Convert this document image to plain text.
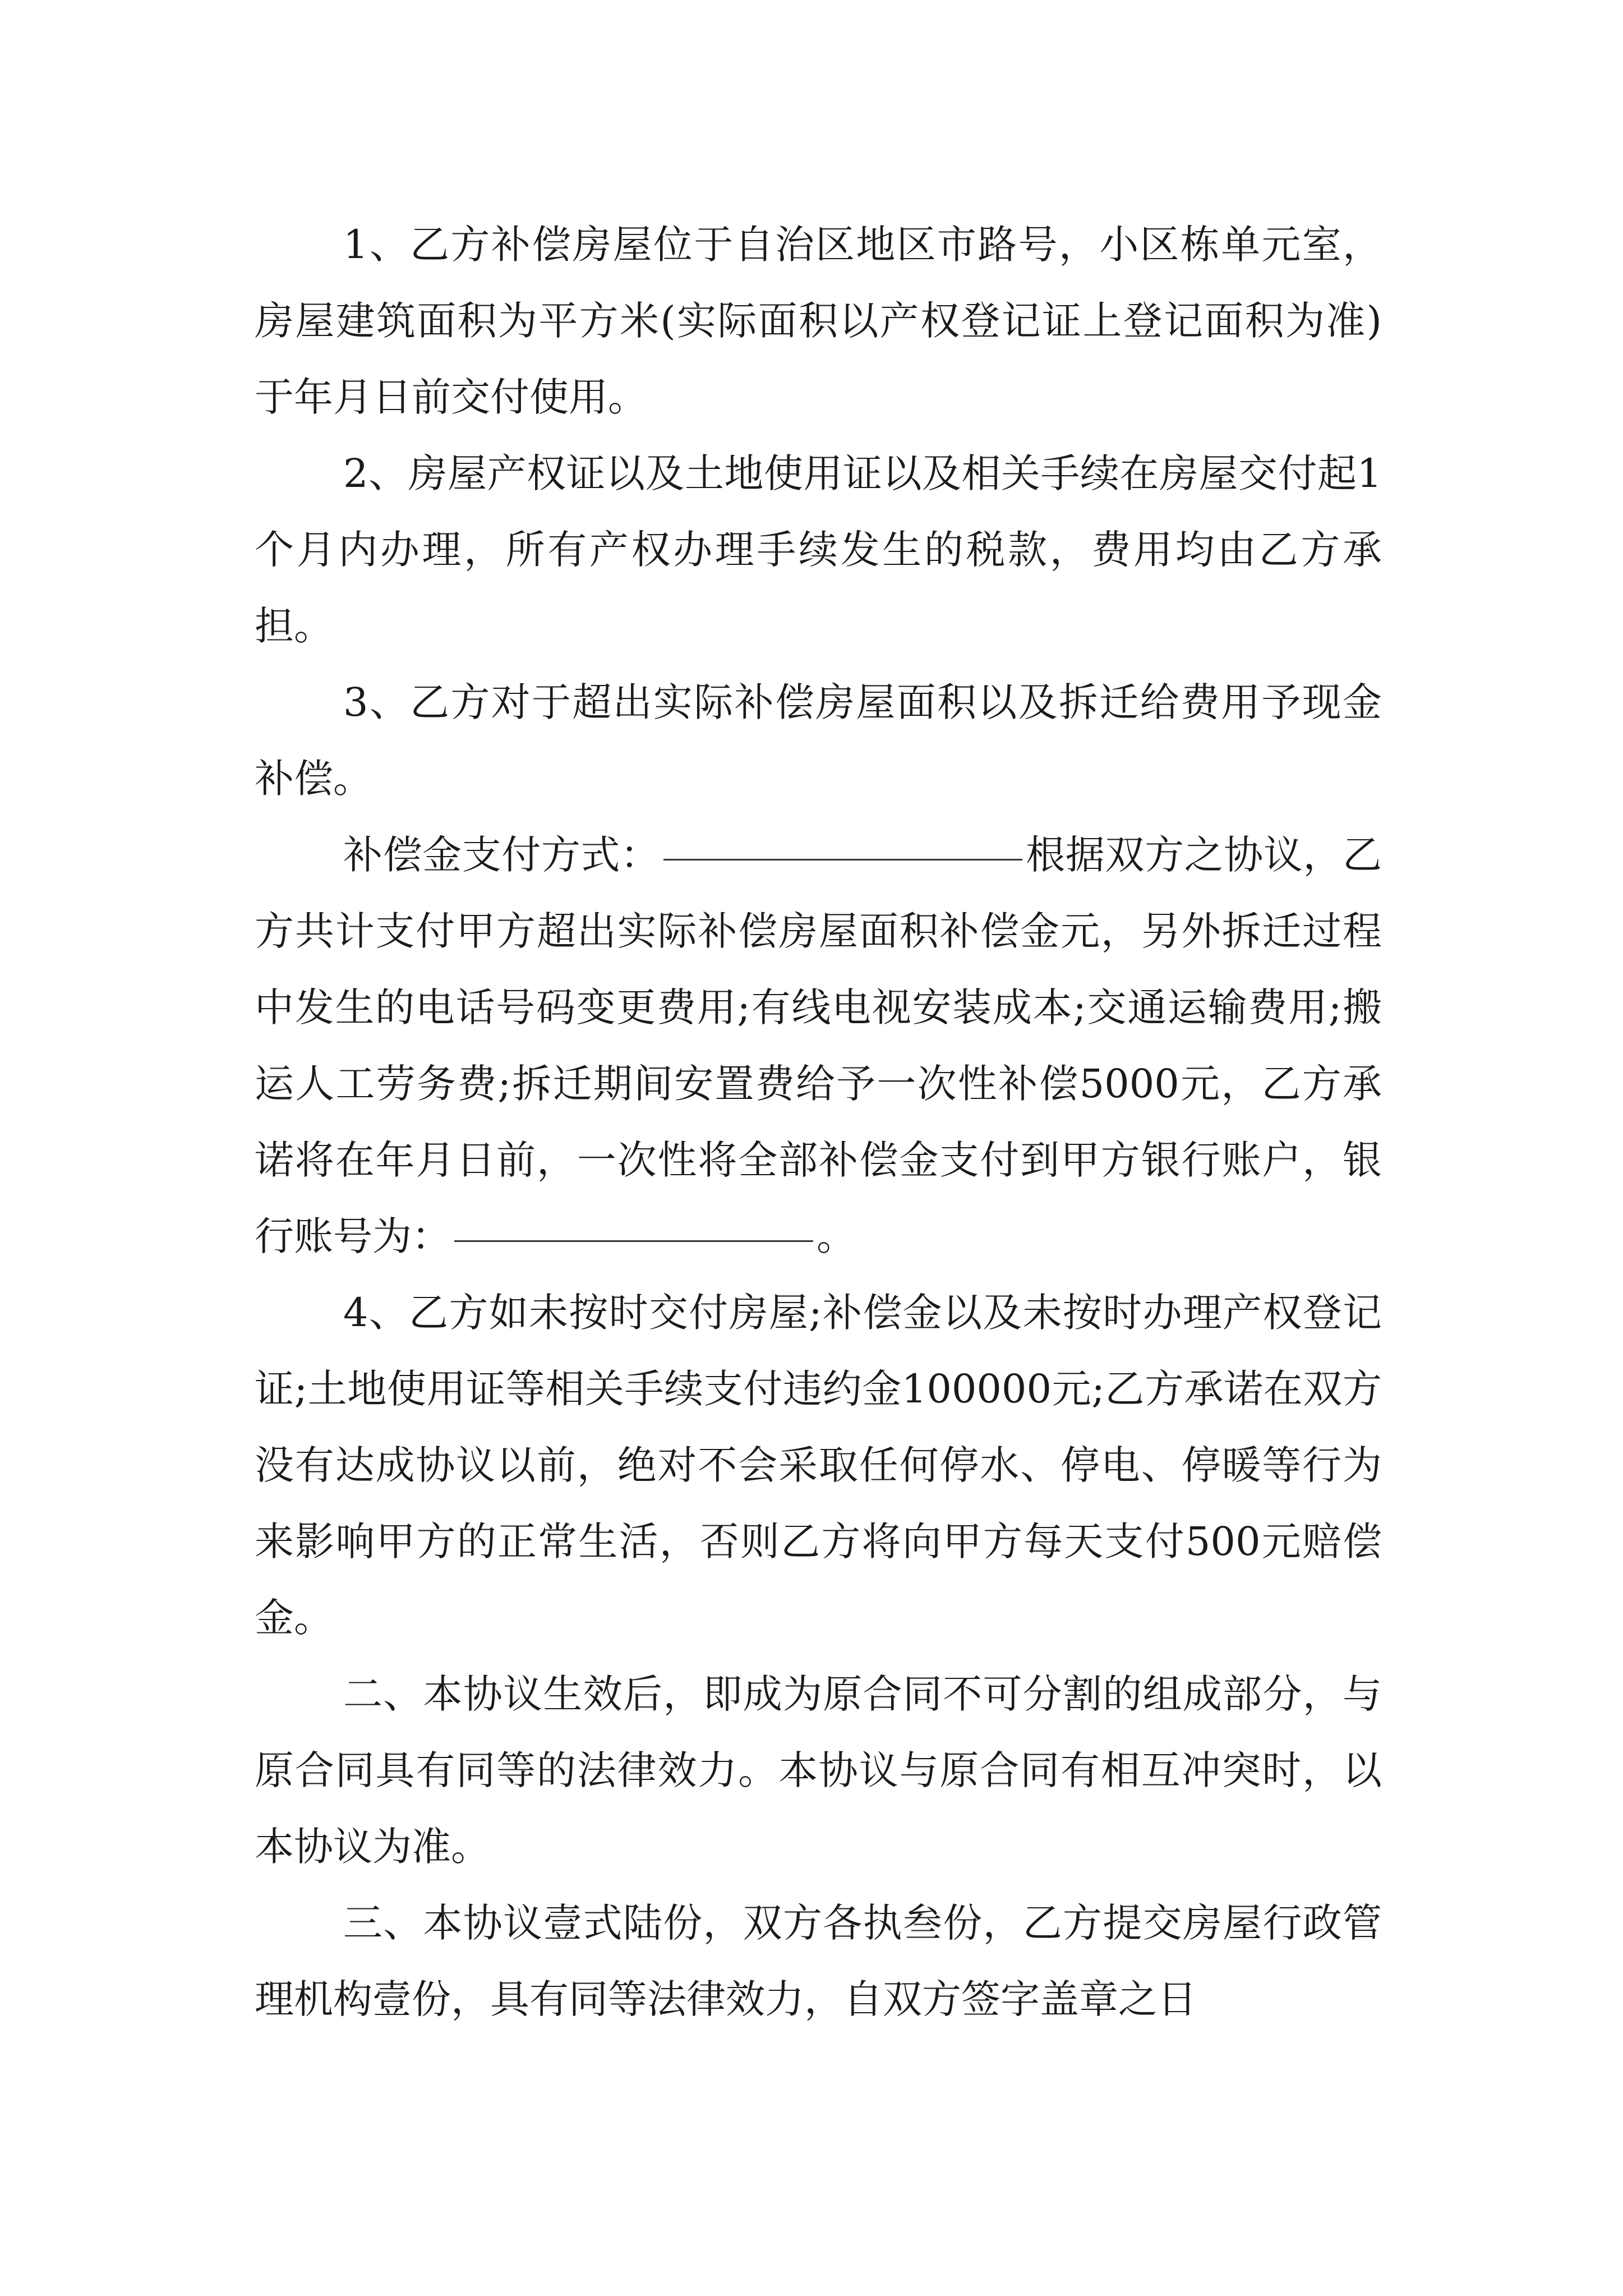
1、乙方补偿房屋位于自治区地区市路号，小区栋单元室，房屋建筑面积为平方米(实际面积以产权登记证上登记面积为准)于年月日前交付使用。

2、房屋产权证以及土地使用证以及相关手续在房屋交付起1个月内办理，所有产权办理手续发生的税款，费用均由乙方承担。

3、乙方对于超出实际补偿房屋面积以及拆迁给费用予现金补偿。

补偿金支付方式：	根据双方之协议，乙方共计支付甲方超出实际补偿房屋面积补偿金元，另外拆迁过程中发生的电话号码变更费用;有线电视安装成本;交通运输费用;搬运人工劳务费;拆迁期间安置费给予一次性补偿5000元，乙方承诺将在年月日前，一次性将全部补偿金支付到甲方银行账户，银行账号为：	。

4、乙方如未按时交付房屋;补偿金以及未按时办理产权登记证;土地使用证等相关手续支付违约金100000元;乙方承诺在双方没有达成协议以前，绝对不会采取任何停水、停电、停暖等行为来影响甲方的正常生活，否则乙方将向甲方每天支付500元赔偿金。

二、本协议生效后，即成为原合同不可分割的组成部分，与原合同具有同等的法律效力。本协议与原合同有相互冲突时，以本协议为准。

三、本协议壹式陆份，双方各执叁份，乙方提交房屋行政管理机构壹份，具有同等法律效力，自双方签字盖章之日
